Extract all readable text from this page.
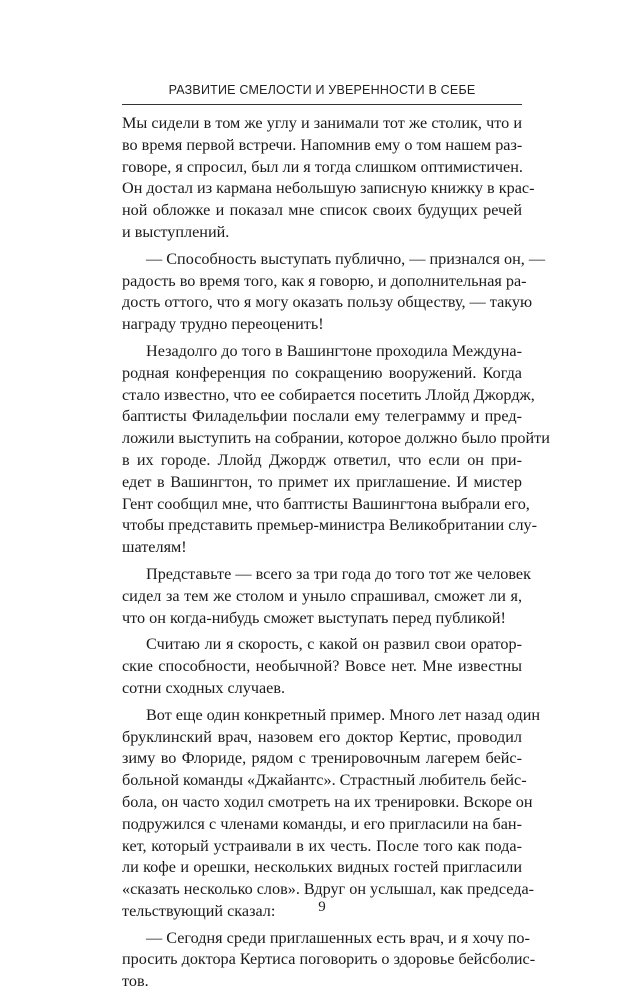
РАЗВИТИЕ СМЕЛОСТИ И УВЕРЕННОСТИ В СЕБЕ

Мы сидели в том же углу и занимали тот же столик, что и
во время первой встречи. Напомнив ему о том нашем раз-
говоре, я спросил, был ли я тогда слишком оптимистичен.
Он достал из кармана небольшую записную книжку в крас-
ной обложке и показал мне список своих будущих речей
и выступлений.

— Способность выступать публично, — признался он, —
радость во время того, как я говорю, и дополнительная ра-
дость оттого, что я могу оказать пользу обществу, — такую
награду трудно переоценить!

Незадолго до того в Вашингтоне проходила Междуна-
родная конференция по сокращению вооружений. Когда
стало известно, что ее собирается посетить Ллойд Джордж,
баптисты Филадельфии послали ему телеграмму и пред-
ложили выступить на собрании, которое должно было пройти
в их городе. Ллойд Джордж ответил, что если он при-
едет в Вашингтон, то примет их приглашение. И мистер
Гент сообщил мне, что баптисты Вашингтона выбрали его,
чтобы представить премьер-министра Великобритании слу-
шателям!

Представьте — всего за три года до того тот же человек
сидел за тем же столом и уныло спрашивал, сможет ли я,
что он когда-нибудь сможет выступать перед публикой!

Считаю ли я скорость, с какой он развил свои оратор-
ские способности, необычной? Вовсе нет. Мне известны
сотни сходных случаев.

Вот еще один конкретный пример. Много лет назад один
бруклинский врач, назовем его доктор Кертис, проводил
зиму во Флориде, рядом с тренировочным лагерем бейс-
больной команды «Джайантс». Страстный любитель бейс-
бола, он часто ходил смотреть на их тренировки. Вскоре он
подружился с членами команды, и его пригласили на бан-
кет, который устраивали в их честь. После того как пода-
ли кофе и орешки, нескольких видных гостей пригласили
«сказать несколько слов». Вдруг он услышал, как председа-
тельствующий сказал:

— Сегодня среди приглашенных есть врач, и я хочу по-
просить доктора Кертиса поговорить о здоровье бейсболис-
тов.

9
